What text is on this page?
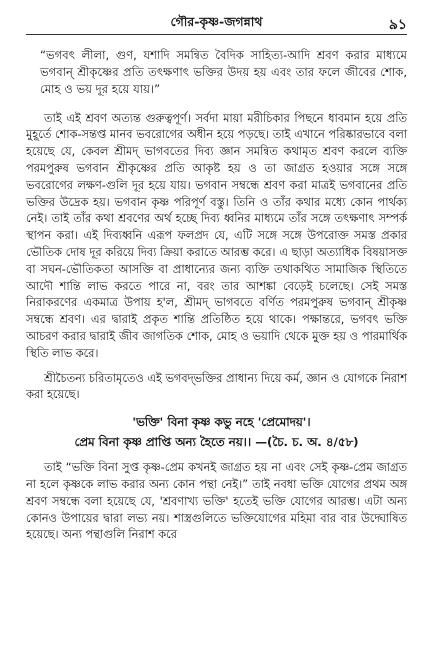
গৌর-কৃষ্ণ-জগন্নাথ	৯১

“ভগবৎ লীলা, গুণ, যশাদি সমন্বিত বৈদিক সাহিত্য-আদি শ্রবণ করার মাধ্যমে ভগবান্ শ্রীকৃষ্ণের প্রতি তৎক্ষণাৎ ভক্তির উদয় হয় এবং তার ফলে জীবের শোক, মোহ ও ভয় দূর হয়ে যায়।”

তাই এই শ্রবণ অত্যন্ত গুরুত্বপূর্ণ। সর্বদা মায়া মরীচিকার পিছনে ধাবমান হয়ে প্রতি মুহূর্তে শোক-সন্তপ্ত মানব ভবরোগের অধীন হয়ে পড়ছে। তাই এখানে পরিষ্কারভাবে বলা হয়েছে যে, কেবল শ্রীমদ্ ভাগবতের দিব্য জ্ঞান সমন্বিত কথামৃত শ্রবণ করলে ব্যক্তি পরমপুরুষ ভগবান শ্রীকৃষ্ণের প্রতি আকৃষ্ট হয় ও তা জাগ্রত হওয়ার সঙ্গে সঙ্গে ভবরোগের লক্ষণ-গুলি দূর হয়ে যায়। ভগবান সম্বন্ধে শ্রবণ করা মাত্রই ভগবানের প্রতি ভক্তির উদ্রেক হয়। ভগবান কৃষ্ণ পরিপূর্ণ বস্তু। তিনি ও তাঁর কথার মধ্যে কোন পার্থক্য নেই। তাই তাঁর কথা শ্রবণের অর্থ হচ্ছে দিব্য ধ্বনির মাধ্যমে তাঁর সঙ্গে তৎক্ষণাৎ সম্পর্ক স্থাপন করা। এই দিব্যধ্বনি এরূপ ফলপ্রদ যে, এটি সঙ্গে সঙ্গে উপরোক্ত সমস্ত প্রকার ভৌতিক দোষ দূর করিয়ে দিব্য ক্রিয়া করাতে আরম্ভ করে। এ ছাড়া অত্যাধিক বিষয়াসক্ত বা সঘন-ভৌতিকতা আসক্তি বা প্রাধান্যের জন্য ব্যক্তি তথাকথিত সামাজিক স্থিতিতে আদৌ শান্তি লাভ করতে পারে না, বরং তার আশঙ্কা বেড়েই চলেছে। সেই সমস্ত নিরাকরণের একমাত্র উপায় হ'ল, শ্রীমদ্ ভাগবতে বর্ণিত পরমপুরুষ ভগবান্ শ্রীকৃষ্ণ সম্বন্ধে শ্রবণ। এর দ্বারাই প্রকৃত শান্তি প্রতিষ্ঠিত হয়ে থাকে। পক্ষান্তরে, ভগবৎ ভক্তি আচরণ করার দ্বারাই জীব জাগতিক শোক, মোহ ও ভয়াদি থেকে মুক্ত হয় ও পারমার্থিক স্থিতি লাভ করে।

শ্রীচৈতন্য চরিতামৃতেও এই ভগবদ্‌ভক্তির প্রাধান্য দিয়ে কর্ম, জ্ঞান ও যোগকে নিরাশ করা হয়েছে।

'ভক্তি' বিনা কৃষ্ণ কভু নহে 'প্রেমোদয়'।
প্রেম বিনা কৃষ্ণ প্রাপ্তি অন্য হৈতে নয়।। —(চৈ. চ. অ. ৪/৫৮)

তাই “ভক্তি বিনা সুপ্ত কৃষ্ণ-প্রেম কখনই জাগ্রত হয় না এবং সেই কৃষ্ণ-প্রেম জাগ্রত না হলে কৃষ্ণকে লাভ করার অন্য কোন পন্থা নেই।” তাই নবধা ভক্তি যোগের প্রথম অঙ্গ শ্রবণ সম্বন্ধে বলা হয়েছে যে, 'শ্রবণাখ্য ভক্তি' হতেই ভক্তি যোগের আরম্ভ। এটা অন্য কোনও উপায়ের দ্বারা লভ্য নয়। শাস্ত্রগুলিতে ভক্তিযোগের মহিমা বার বার উদ্ঘোষিত হয়েছে। অন্য পন্থাগুলি নিরাশ করে
